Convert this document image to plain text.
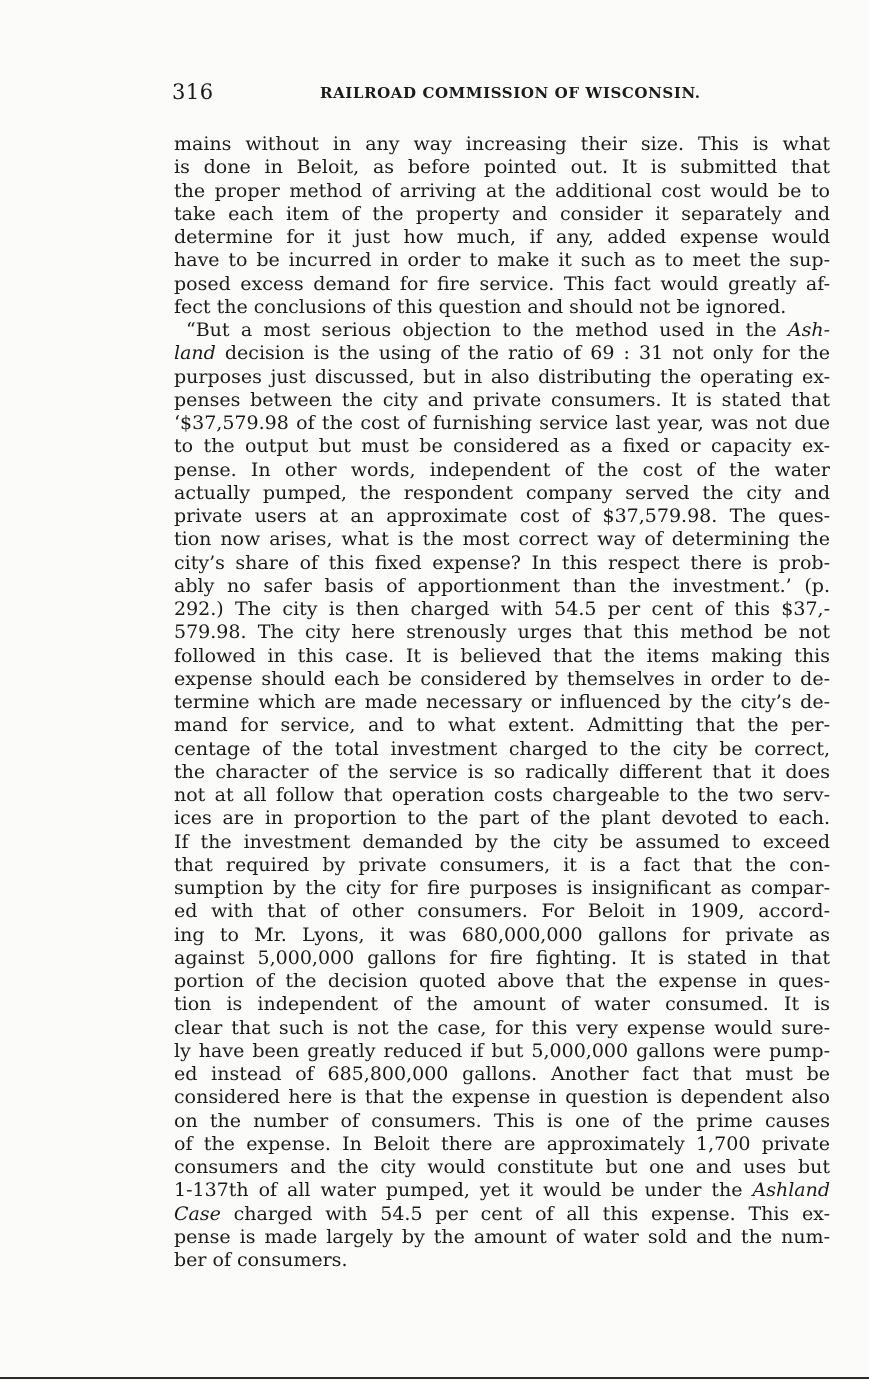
316	RAILROAD COMMISSION OF WISCONSIN.
mains without in any way increasing their size. This is what
is done in Beloit, as before pointed out. It is submitted that
the proper method of arriving at the additional cost would be to
take each item of the property and consider it separately and
determine for it just how much, if any, added expense would
have to be incurred in order to make it such as to meet the sup-
posed excess demand for fire service. This fact would greatly af-
fect the conclusions of this question and should not be ignored.
“But a most serious objection to the method used in the Ash-
land decision is the using of the ratio of 69 : 31 not only for the
purposes just discussed, but in also distributing the operating ex-
penses between the city and private consumers. It is stated that
‘$37,579.98 of the cost of furnishing service last year, was not due
to the output but must be considered as a fixed or capacity ex-
pense. In other words, independent of the cost of the water
actually pumped, the respondent company served the city and
private users at an approximate cost of $37,579.98. The ques-
tion now arises, what is the most correct way of determining the
city’s share of this fixed expense? In this respect there is prob-
ably no safer basis of apportionment than the investment.’ (p.
292.) The city is then charged with 54.5 per cent of this $37,-
579.98. The city here strenously urges that this method be not
followed in this case. It is believed that the items making this
expense should each be considered by themselves in order to de-
termine which are made necessary or influenced by the city’s de-
mand for service, and to what extent. Admitting that the per-
centage of the total investment charged to the city be correct,
the character of the service is so radically different that it does
not at all follow that operation costs chargeable to the two serv-
ices are in proportion to the part of the plant devoted to each.
If the investment demanded by the city be assumed to exceed
that required by private consumers, it is a fact that the con-
sumption by the city for fire purposes is insignificant as compar-
ed with that of other consumers. For Beloit in 1909, accord-
ing to Mr. Lyons, it was 680,000,000 gallons for private as
against 5,000,000 gallons for fire fighting. It is stated in that
portion of the decision quoted above that the expense in ques-
tion is independent of the amount of water consumed. It is
clear that such is not the case, for this very expense would sure-
ly have been greatly reduced if but 5,000,000 gallons were pump-
ed instead of 685,800,000 gallons. Another fact that must be
considered here is that the expense in question is dependent also
on the number of consumers. This is one of the prime causes
of the expense. In Beloit there are approximately 1,700 private
consumers and the city would constitute but one and uses but
1-137th of all water pumped, yet it would be under the Ashland
Case charged with 54.5 per cent of all this expense. This ex-
pense is made largely by the amount of water sold and the num-
ber of consumers.
